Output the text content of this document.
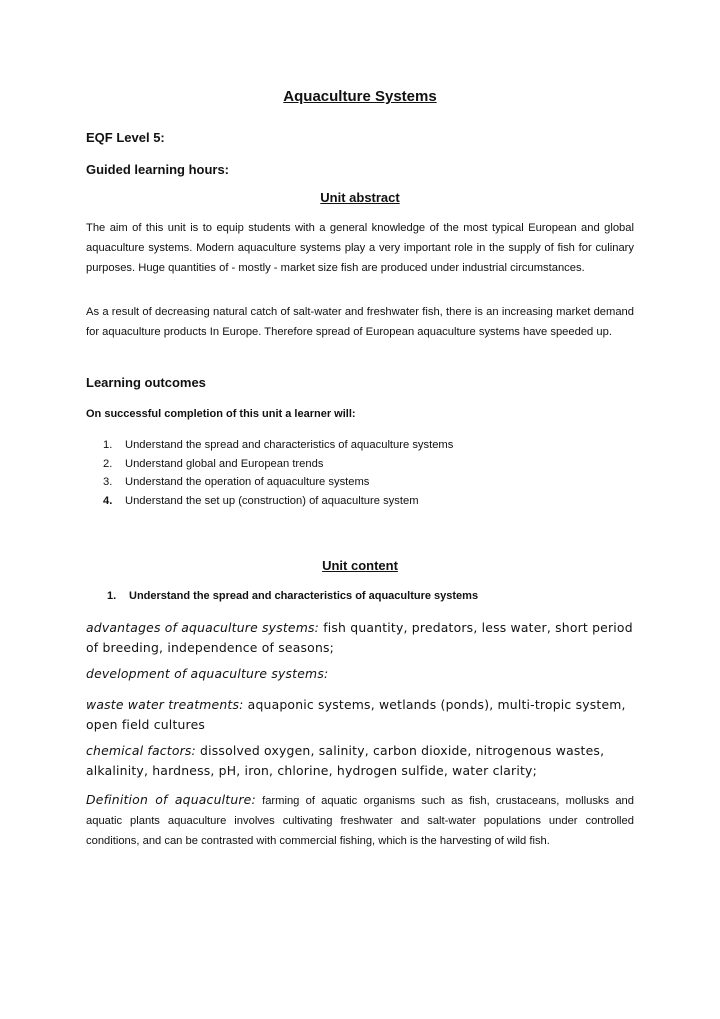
Aquaculture Systems
EQF Level 5:
Guided learning hours:
Unit abstract
The aim of this unit is to equip students with a general knowledge of the most typical European and global aquaculture systems. Modern aquaculture systems play a very important role in the supply of fish for culinary purposes. Huge quantities of - mostly - market size fish are produced under industrial circumstances.
As a result of decreasing natural catch of salt-water and freshwater fish, there is an increasing market demand for aquaculture products In Europe. Therefore spread of European aquaculture systems have speeded up.
Learning outcomes
On successful completion of this unit a learner will:
1. Understand the spread and characteristics of aquaculture systems
2. Understand global and European trends
3. Understand the operation of aquaculture systems
4. Understand the set up (construction) of aquaculture system
Unit content
1. Understand the spread and characteristics of aquaculture systems
advantages of aquaculture systems: fish quantity, predators, less water, short period of breeding, independence of seasons;
development of aquaculture systems:
waste water treatments: aquaponic systems, wetlands (ponds), multi-tropic system, open field cultures
chemical factors: dissolved oxygen, salinity, carbon dioxide, nitrogenous wastes, alkalinity, hardness, pH, iron, chlorine, hydrogen sulfide, water clarity;
Definition of aquaculture: farming of aquatic organisms such as fish, crustaceans, mollusks and aquatic plants aquaculture involves cultivating freshwater and salt-water populations under controlled conditions, and can be contrasted with commercial fishing, which is the harvesting of wild fish.
